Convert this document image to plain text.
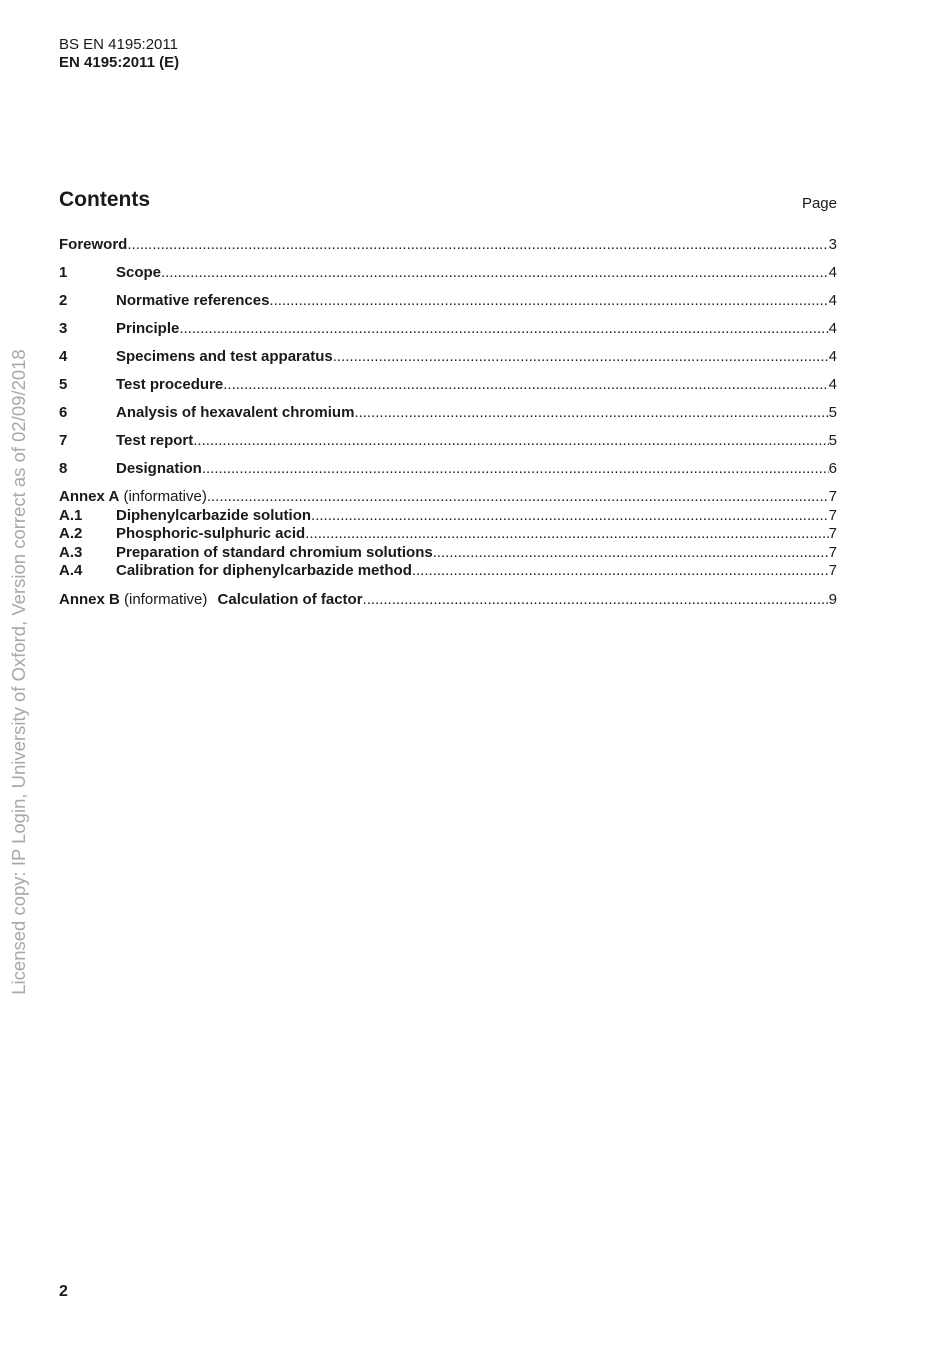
BS EN 4195:2011
EN 4195:2011 (E)
Contents	Page
Foreword .....	3
1	Scope .....	4
2	Normative references .....	4
3	Principle .....	4
4	Specimens and test apparatus .....	4
5	Test procedure .....	4
6	Analysis of hexavalent chromium .....	5
7	Test report .....	5
8	Designation .....	6
Annex A (informative) .....	7
A.1	Diphenylcarbazide solution .....	7
A.2	Phosphoric-sulphuric acid .....	7
A.3	Preparation of standard chromium solutions .....	7
A.4	Calibration for diphenylcarbazide method .....	7
Annex B (informative) Calculation of factor .....	9
2
Licensed copy: IP Login, University of Oxford, Version correct as of 02/09/2018
